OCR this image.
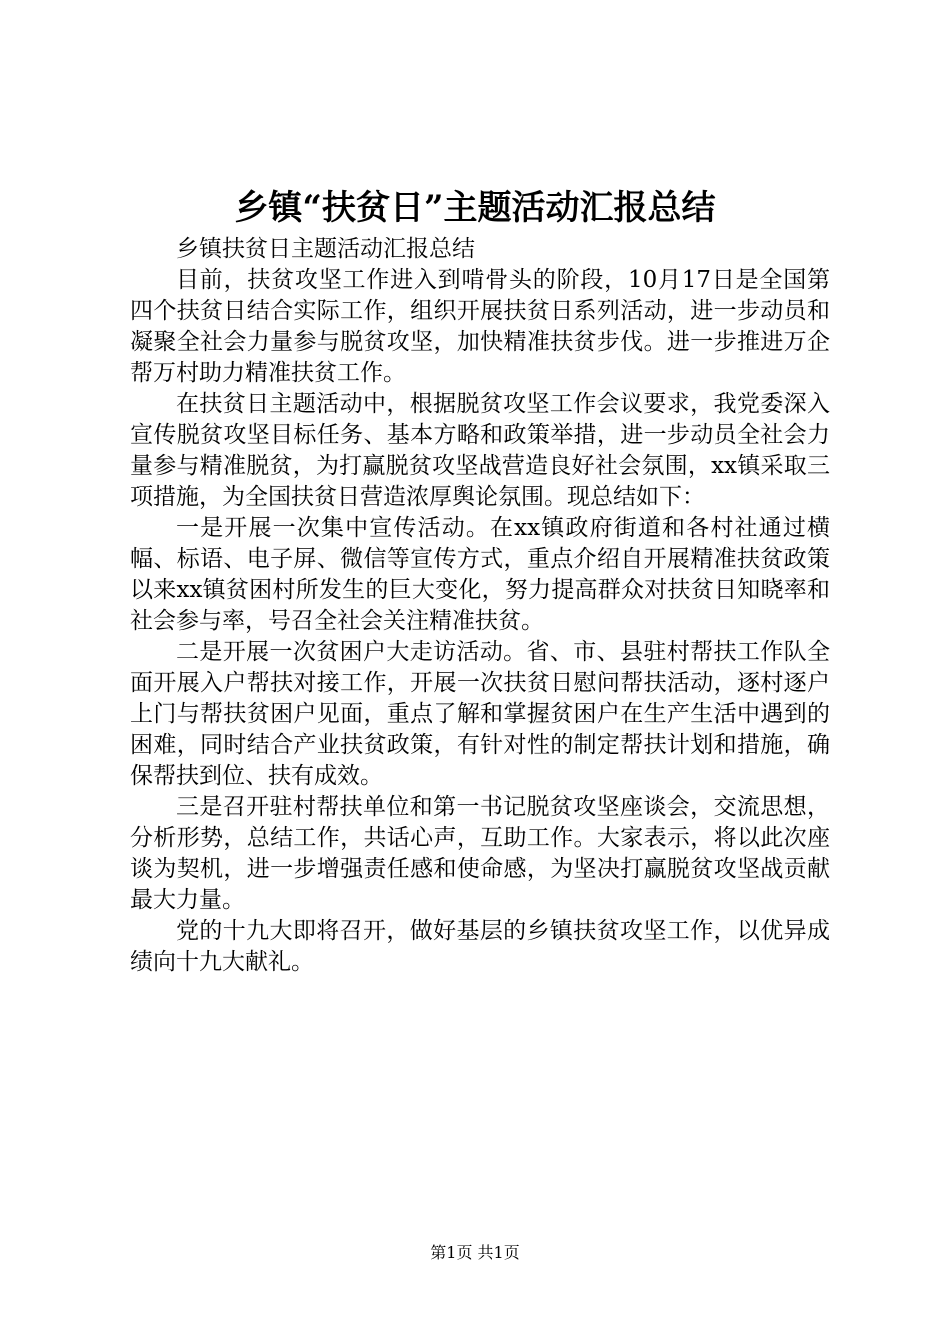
乡镇“扶贫日”主题活动汇报总结

乡镇扶贫日主题活动汇报总结

目前，扶贫攻坚工作进入到啃骨头的阶段，10月17日是全国第四个扶贫日结合实际工作，组织开展扶贫日系列活动，进一步动员和凝聚全社会力量参与脱贫攻坚，加快精准扶贫步伐。进一步推进万企帮万村助力精准扶贫工作。

在扶贫日主题活动中，根据脱贫攻坚工作会议要求，我党委深入宣传脱贫攻坚目标任务、基本方略和政策举措，进一步动员全社会力量参与精准脱贫，为打赢脱贫攻坚战营造良好社会氛围，xx镇采取三项措施，为全国扶贫日营造浓厚舆论氛围。现总结如下：

一是开展一次集中宣传活动。在xx镇政府街道和各村社通过横幅、标语、电子屏、微信等宣传方式，重点介绍自开展精准扶贫政策以来xx镇贫困村所发生的巨大变化，努力提高群众对扶贫日知晓率和社会参与率，号召全社会关注精准扶贫。

二是开展一次贫困户大走访活动。省、市、县驻村帮扶工作队全面开展入户帮扶对接工作，开展一次扶贫日慰问帮扶活动，逐村逐户上门与帮扶贫困户见面，重点了解和掌握贫困户在生产生活中遇到的困难，同时结合产业扶贫政策，有针对性的制定帮扶计划和措施，确保帮扶到位、扶有成效。

三是召开驻村帮扶单位和第一书记脱贫攻坚座谈会，交流思想，分析形势，总结工作，共话心声，互助工作。大家表示，将以此次座谈为契机，进一步增强责任感和使命感，为坚决打赢脱贫攻坚战贡献最大力量。

党的十九大即将召开，做好基层的乡镇扶贫攻坚工作，以优异成绩向十九大献礼。

第1页 共1页
